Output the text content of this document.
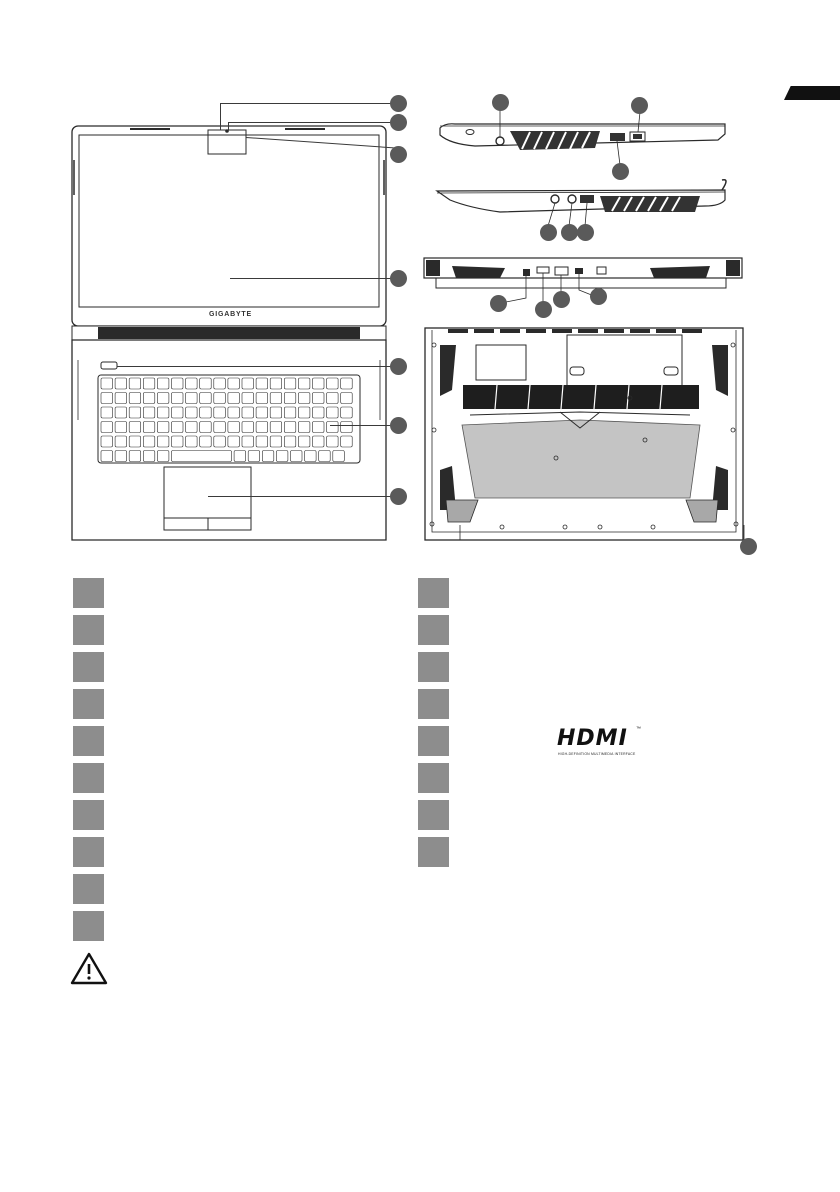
GIGABYTE
HDMI ™
HIGH-DEFINITION MULTIMEDIA INTERFACE
